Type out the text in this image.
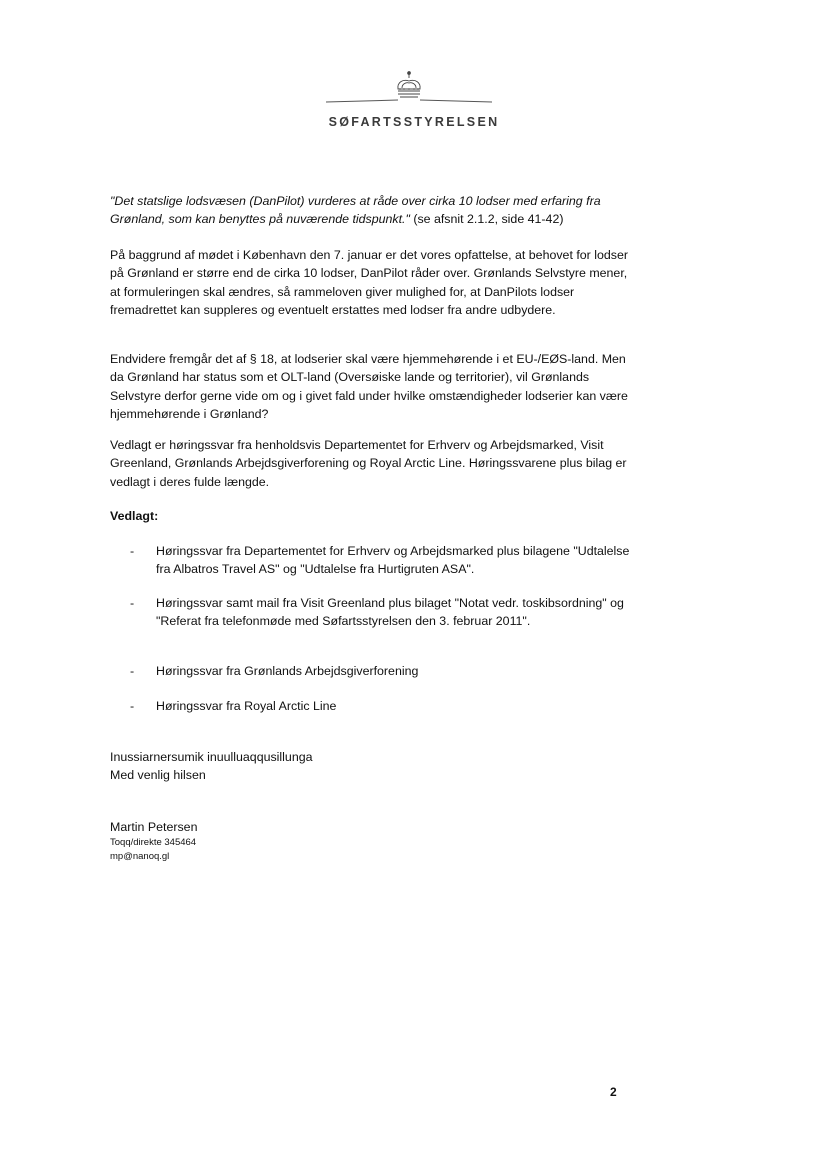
SØFARTSSTYRELSEN

"Det statslige lodsvæsen (DanPilot) vurderes at råde over cirka 10 lodser med erfaring fra Grønland, som kan benyttes på nuværende tidspunkt." (se afsnit 2.1.2, side 41-42)

På baggrund af mødet i København den 7. januar er det vores opfattelse, at behovet for lodser på Grønland er større end de cirka 10 lodser, DanPilot råder over. Grønlands Selvstyre mener, at formuleringen skal ændres, så rammeloven giver mulighed for, at DanPilots lodser fremadrettet kan suppleres og eventuelt erstattes med lodser fra andre udbydere.

Endvidere fremgår det af § 18, at lodserier skal være hjemmehørende i et EU-/EØS-land. Men da Grønland har status som et OLT-land (Oversøiske lande og territorier), vil Grønlands Selvstyre derfor gerne vide om og i givet fald under hvilke omstændigheder lodserier kan være hjemmehørende i Grønland?

Vedlagt er høringssvar fra henholdsvis Departementet for Erhverv og Arbejdsmarked, Visit Greenland, Grønlands Arbejdsgiverforening og Royal Arctic Line. Høringssvarene plus bilag er vedlagt i deres fulde længde.

Vedlagt:
- Høringssvar fra Departementet for Erhverv og Arbejdsmarked plus bilagene "Udtalelse fra Albatros Travel AS" og "Udtalelse fra Hurtigruten ASA".
- Høringssvar samt mail fra Visit Greenland plus bilaget "Notat vedr. toskibsordning" og "Referat fra telefonmøde med Søfartsstyrelsen den 3. februar 2011".
- Høringssvar fra Grønlands Arbejdsgiverforening
- Høringssvar fra Royal Arctic Line
Inussiarnersumik inuulluaqqusillunga
Med venlig hilsen
Martin Petersen
Toqq/direkte 345464
mp@nanoq.gl
2
